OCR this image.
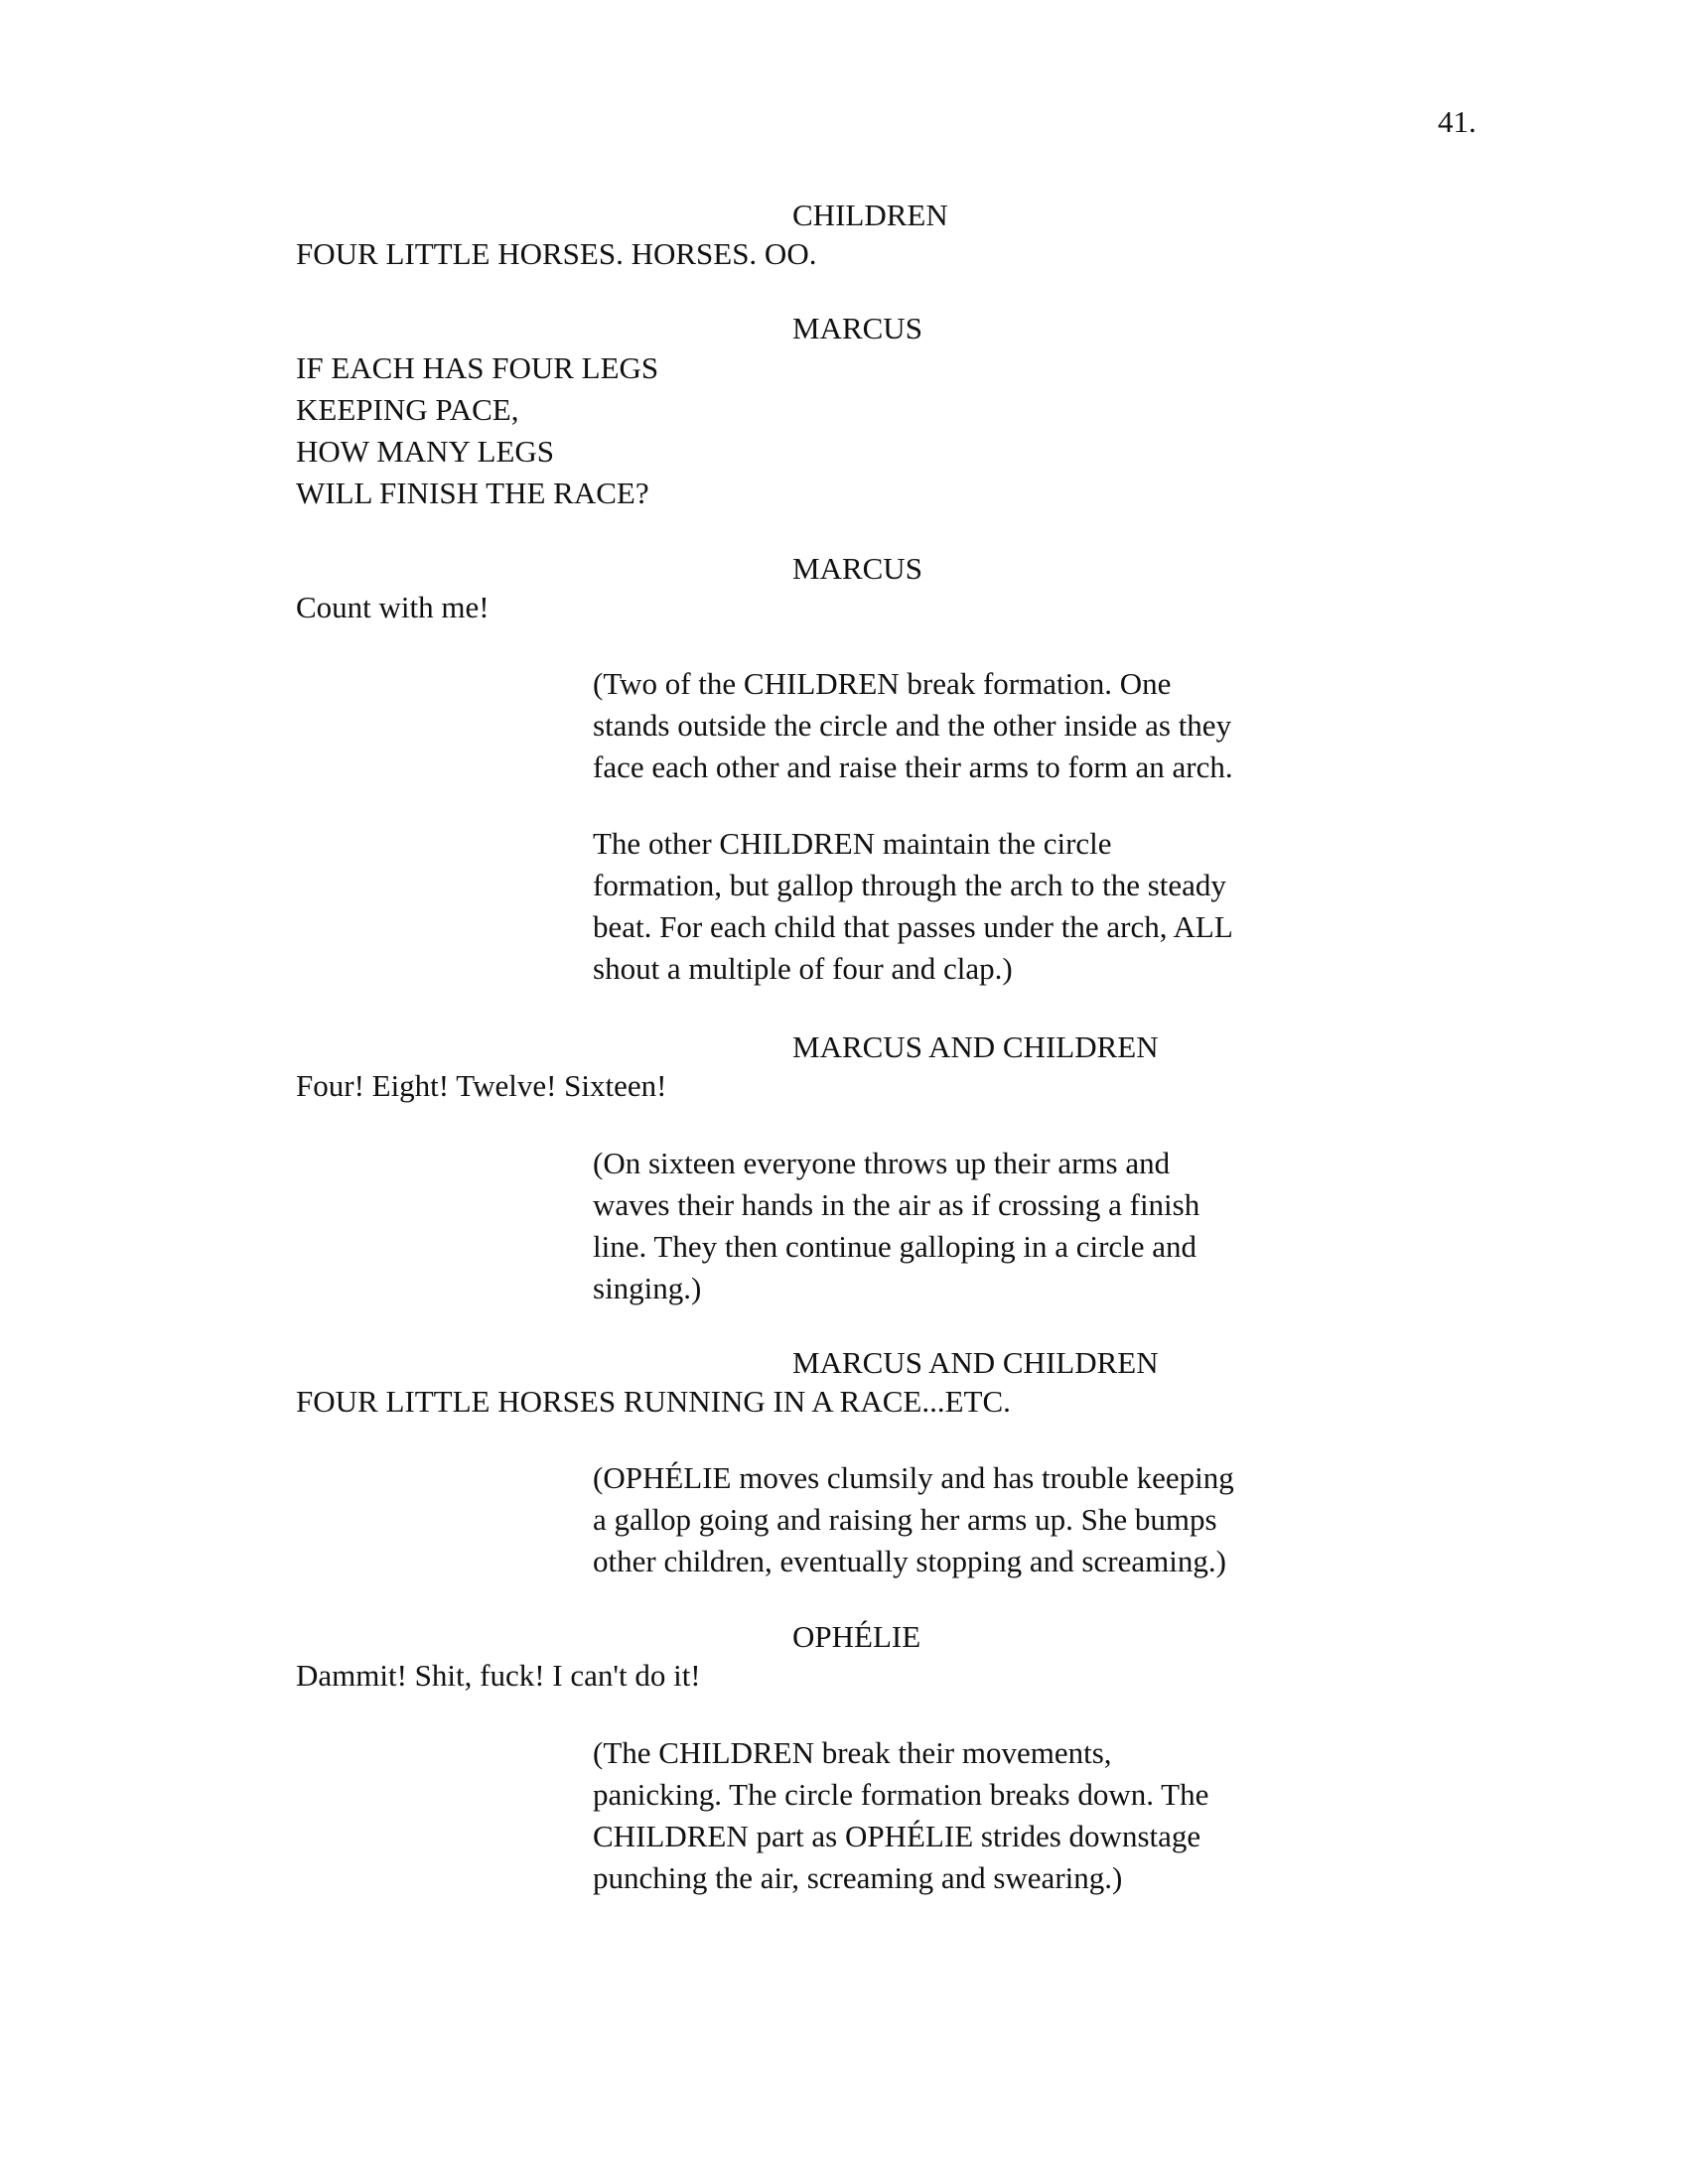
41.
CHILDREN
FOUR LITTLE HORSES. HORSES. OO.
MARCUS
IF EACH HAS FOUR LEGS
KEEPING PACE,
HOW MANY LEGS
WILL FINISH THE RACE?
MARCUS
Count with me!
(Two of the CHILDREN break formation. One
stands outside the circle and the other inside as they
face each other and raise their arms to form an arch.
The other CHILDREN maintain the circle
formation, but gallop through the arch to the steady
beat. For each child that passes under the arch, ALL
shout a multiple of four and clap.)
MARCUS AND CHILDREN
Four! Eight! Twelve! Sixteen!
(On sixteen everyone throws up their arms and
waves their hands in the air as if crossing a finish
line. They then continue galloping in a circle and
singing.)
MARCUS AND CHILDREN
FOUR LITTLE HORSES RUNNING IN A RACE...ETC.
(OPHÉLIE moves clumsily and has trouble keeping
a gallop going and raising her arms up. She bumps
other children, eventually stopping and screaming.)
OPHÉLIE
Dammit! Shit, fuck! I can't do it!
(The CHILDREN break their movements,
panicking. The circle formation breaks down. The
CHILDREN part as OPHÉLIE strides downstage
punching the air, screaming and swearing.)
